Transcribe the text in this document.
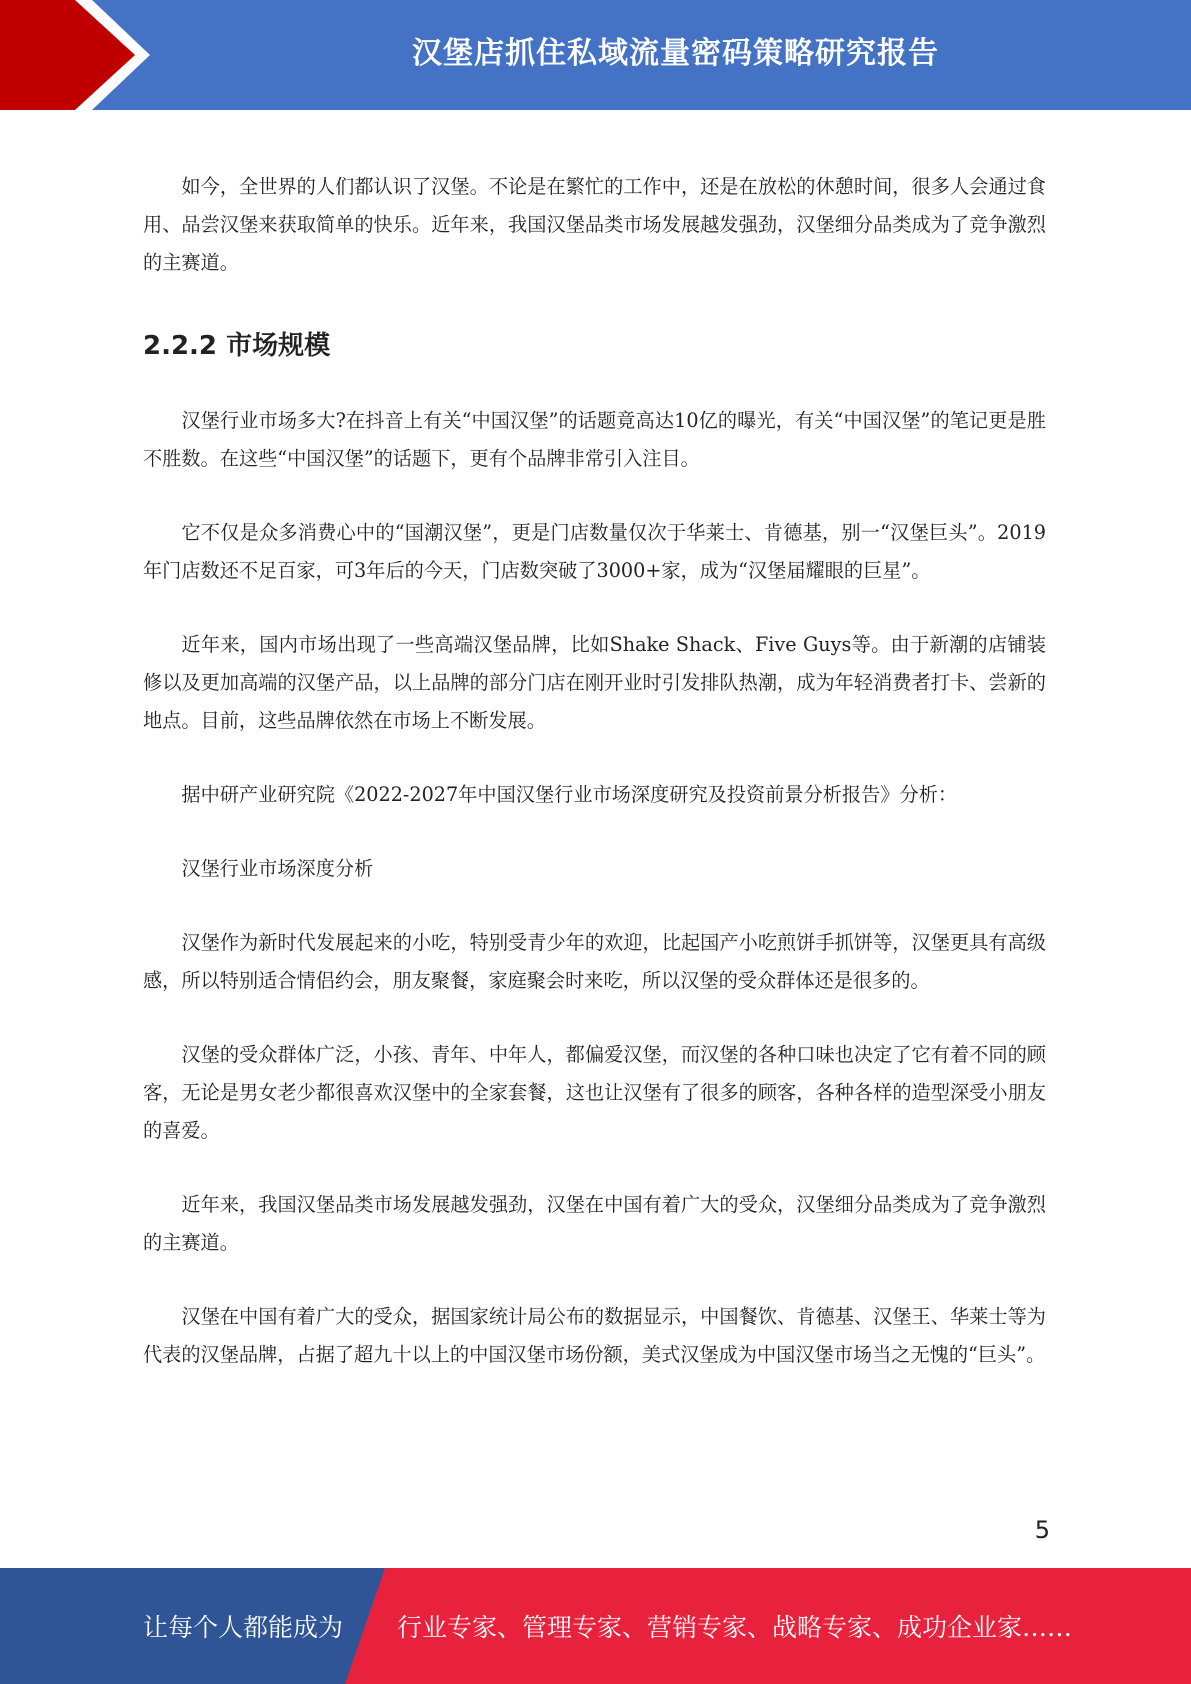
汉堡店抓住私域流量密码策略研究报告

如今，全世界的人们都认识了汉堡。不论是在繁忙的工作中，还是在放松的休憩时间，很多人会通过食用、品尝汉堡来获取简单的快乐。近年来，我国汉堡品类市场发展越发强劲，汉堡细分品类成为了竞争激烈的主赛道。

2.2.2 市场规模

汉堡行业市场多大?在抖音上有关“中国汉堡”的话题竟高达10亿的曝光，有关“中国汉堡”的笔记更是胜不胜数。在这些“中国汉堡”的话题下，更有个品牌非常引入注目。

它不仅是众多消费心中的“国潮汉堡”，更是门店数量仅次于华莱士、肯德基，别一“汉堡巨头”。2019年门店数还不足百家，可3年后的今天，门店数突破了3000+家，成为“汉堡届耀眼的巨星”。

近年来，国内市场出现了一些高端汉堡品牌，比如Shake Shack、Five Guys等。由于新潮的店铺装修以及更加高端的汉堡产品，以上品牌的部分门店在刚开业时引发排队热潮，成为年轻消费者打卡、尝新的地点。目前，这些品牌依然在市场上不断发展。

据中研产业研究院《2022-2027年中国汉堡行业市场深度研究及投资前景分析报告》分析：

汉堡行业市场深度分析

汉堡作为新时代发展起来的小吃，特别受青少年的欢迎，比起国产小吃煎饼手抓饼等，汉堡更具有高级感，所以特别适合情侣约会，朋友聚餐，家庭聚会时来吃，所以汉堡的受众群体还是很多的。

汉堡的受众群体广泛，小孩、青年、中年人，都偏爱汉堡，而汉堡的各种口味也决定了它有着不同的顾客，无论是男女老少都很喜欢汉堡中的全家套餐，这也让汉堡有了很多的顾客，各种各样的造型深受小朋友的喜爱。

近年来，我国汉堡品类市场发展越发强劲，汉堡在中国有着广大的受众，汉堡细分品类成为了竞争激烈的主赛道。

汉堡在中国有着广大的受众，据国家统计局公布的数据显示，中国餐饮、肯德基、汉堡王、华莱士等为代表的汉堡品牌，占据了超九十以上的中国汉堡市场份额，美式汉堡成为中国汉堡市场当之无愧的“巨头”。

5
让每个人都能成为 行业专家、管理专家、营销专家、战略专家、成功企业家……
